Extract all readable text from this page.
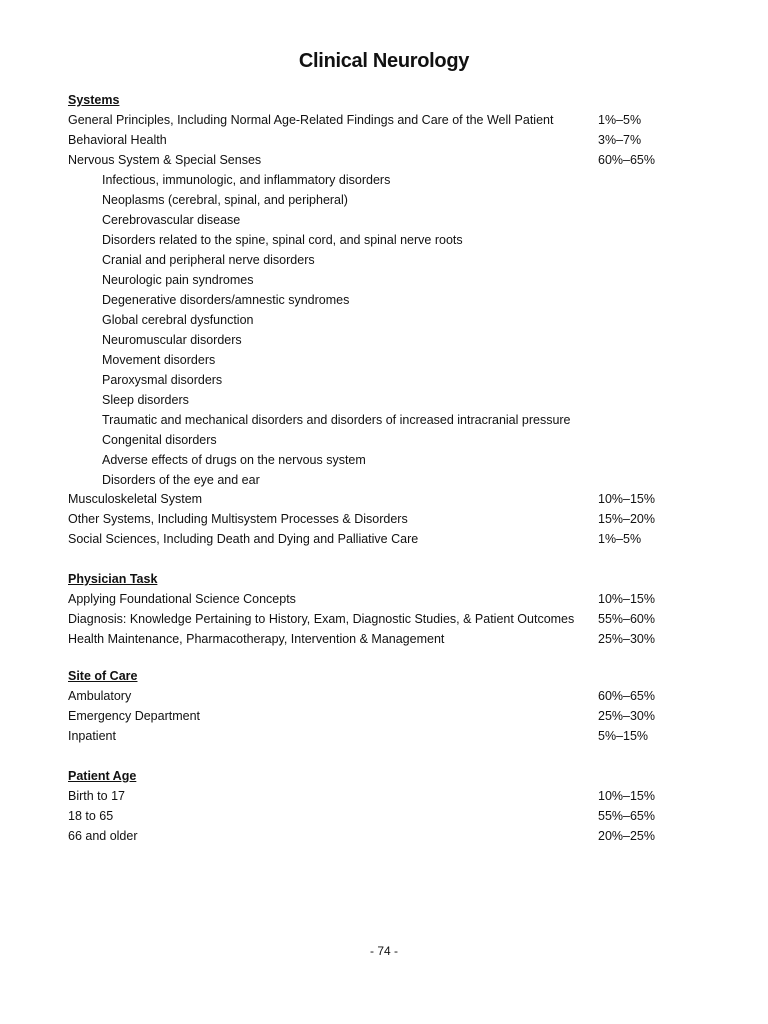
Clinical Neurology
Systems
General Principles, Including Normal Age-Related Findings and Care of the Well Patient	1%–5%
Behavioral Health	3%–7%
Nervous System & Special Senses	60%–65%
Infectious, immunologic, and inflammatory disorders
Neoplasms (cerebral, spinal, and peripheral)
Cerebrovascular disease
Disorders related to the spine, spinal cord, and spinal nerve roots
Cranial and peripheral nerve disorders
Neurologic pain syndromes
Degenerative disorders/amnestic syndromes
Global cerebral dysfunction
Neuromuscular disorders
Movement disorders
Paroxysmal disorders
Sleep disorders
Traumatic and mechanical disorders and disorders of increased intracranial pressure
Congenital disorders
Adverse effects of drugs on the nervous system
Disorders of the eye and ear
Musculoskeletal System	10%–15%
Other Systems, Including Multisystem Processes & Disorders	15%–20%
Social Sciences, Including Death and Dying and Palliative Care	1%–5%
Physician Task
Applying Foundational Science Concepts	10%–15%
Diagnosis: Knowledge Pertaining to History, Exam, Diagnostic Studies, & Patient Outcomes 55%–60%
Health Maintenance, Pharmacotherapy, Intervention & Management	25%–30%
Site of Care
Ambulatory	60%–65%
Emergency Department	25%–30%
Inpatient	5%–15%
Patient Age
Birth to 17	10%–15%
18 to 65	55%–65%
66 and older	20%–25%
- 74 -
